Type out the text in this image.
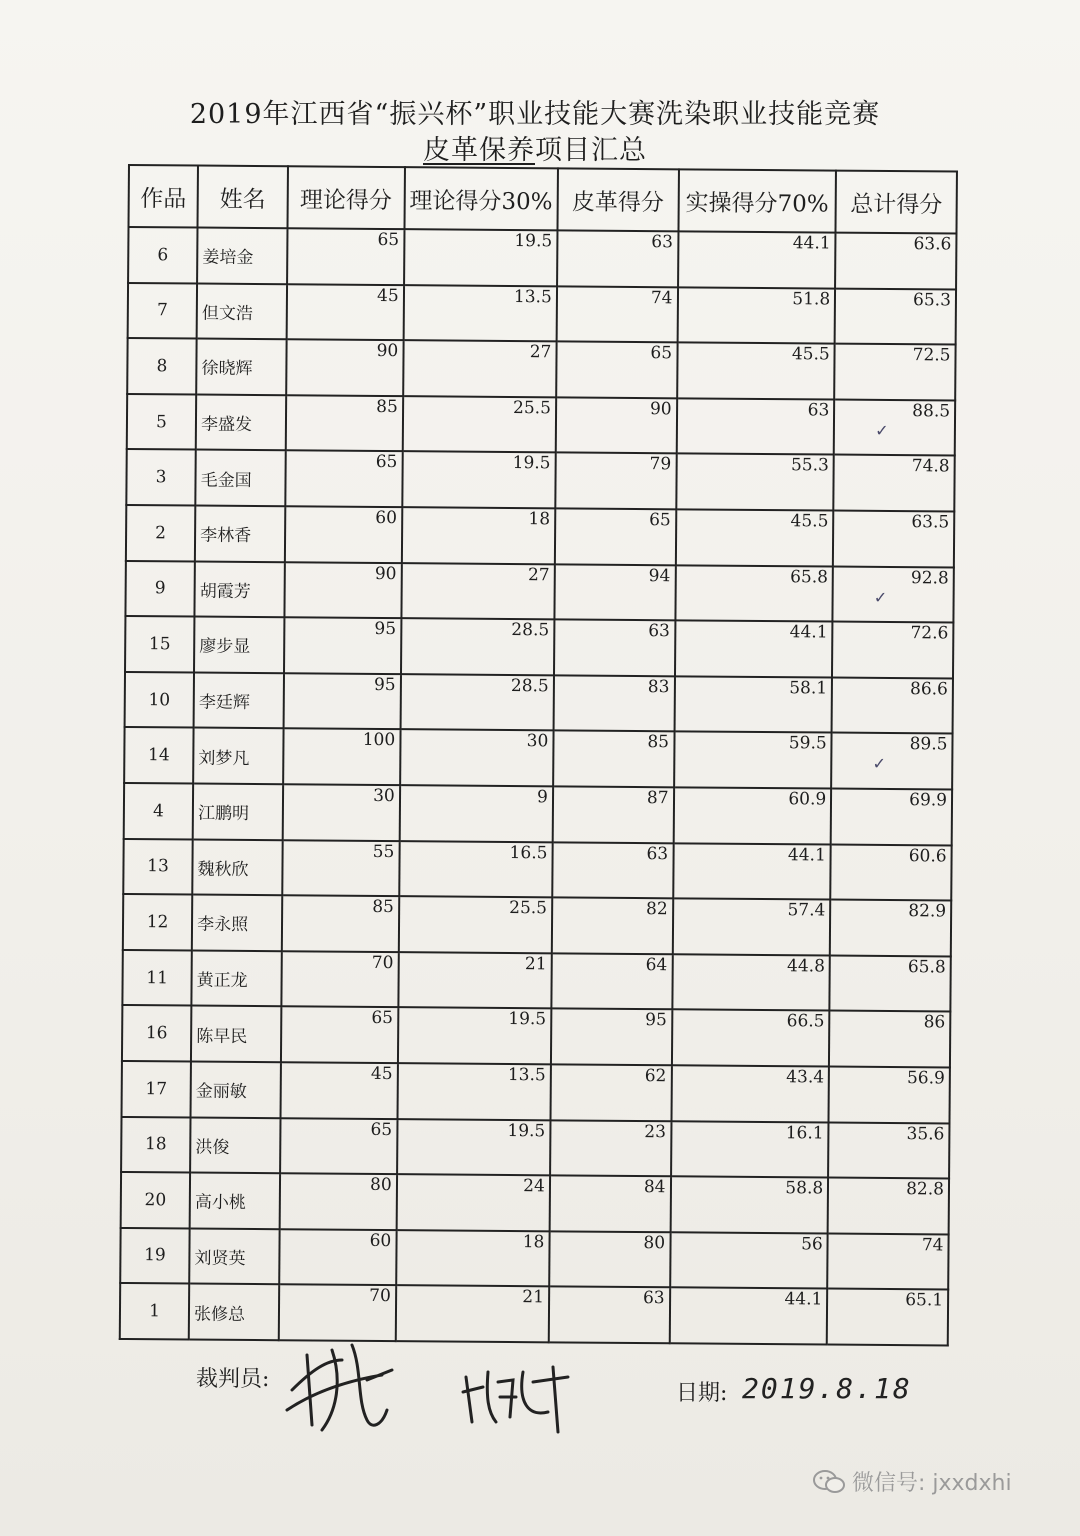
2019年江西省“振兴杯”职业技能大赛洗染职业技能竞赛
皮革保养项目汇总
作品	姓名	理论得分	理论得分30%	皮革得分	实操得分70%	总计得分
6	姜培金	65	19.5	63	44.1	63.6
7	但文浩	45	13.5	74	51.8	65.3
8	徐晓辉	90	27	65	45.5	72.5
5	李盛发	85	25.5	90	63	88.5
✓

3	毛金国	65	19.5	79	55.3	74.8
2	李林香	60	18	65	45.5	63.5
9	胡霞芳	90	27	94	65.8	92.8
✓

15	廖步显	95	28.5	63	44.1	72.6
10	李廷辉	95	28.5	83	58.1	86.6
14	刘梦凡	100	30	85	59.5	89.5
✓

4	江鹏明	30	9	87	60.9	69.9
13	魏秋欣	55	16.5	63	44.1	60.6
12	李永照	85	25.5	82	57.4	82.9
11	黄正龙	70	21	64	44.8	65.8
16	陈早民	65	19.5	95	66.5	86
17	金丽敏	45	13.5	62	43.4	56.9
18	洪俊	65	19.5	23	16.1	35.6
20	高小桃	80	24	84	58.8	82.8
19	刘贤英	60	18	80	56	74
1	张修总	70	21	63	44.1	65.1
裁判员:
日期: 2019.8.18
微信号: jxxdxhi
